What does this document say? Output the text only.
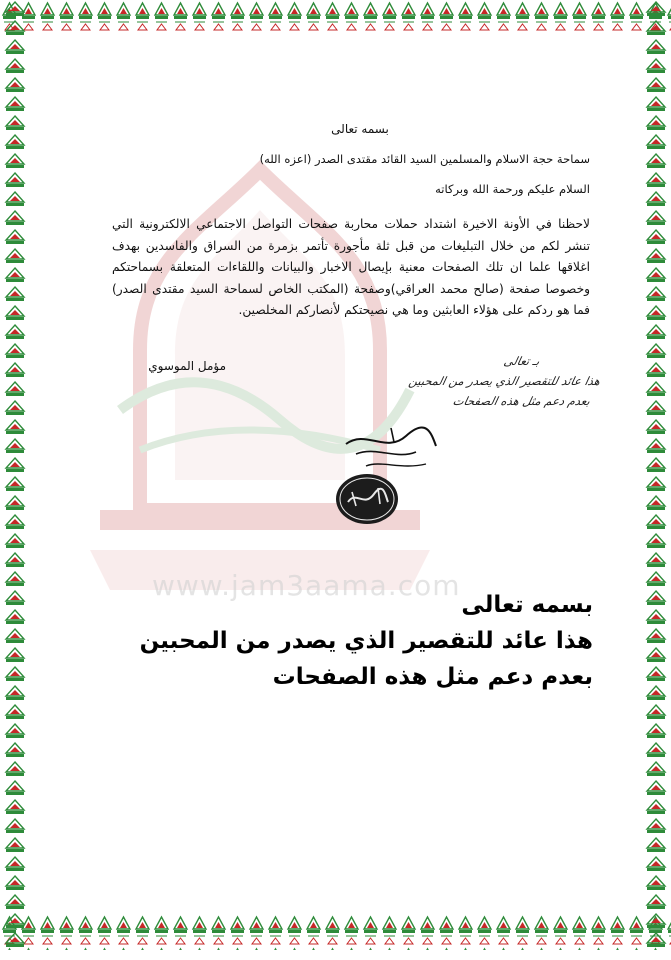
www.jam3aama.com
بسمه تعالى
سماحة حجة الاسلام والمسلمين السيد القائد مقتدى الصدر (اعزه الله)
السلام عليكم ورحمة الله وبركاته
لاحظنا في الأونة الاخيرة اشتداد حملات محاربة صفحات التواصل الاجتماعي الالكترونية التي تنشر لكم من خلال التبليغات من قبل ثلة مأجورة تأتمر بزمرة من السراق والفاسدين بهدف اغلاقها علما ان تلك الصفحات معنية بإيصال الاخبار والبيانات واللقاءات المتعلقة بسماحتكم وخصوصا صفحة (صالح محمد العراقي)وصفحة (المكتب الخاص لسماحة السيد مقتدى الصدر) فما هو ردكم على هؤلاء العابثين وما هي نصيحتكم لأنصاركم المخلصين.
مؤمل الموسوي	بـ تعالى
هذا عائد للتقصير الذي يصدر من المحبين
بعدم دعم مثل هذه الصفحات
بسمه تعالى
هذا عائد للتقصير الذي يصدر من المحبين
بعدم دعم مثل هذه الصفحات
